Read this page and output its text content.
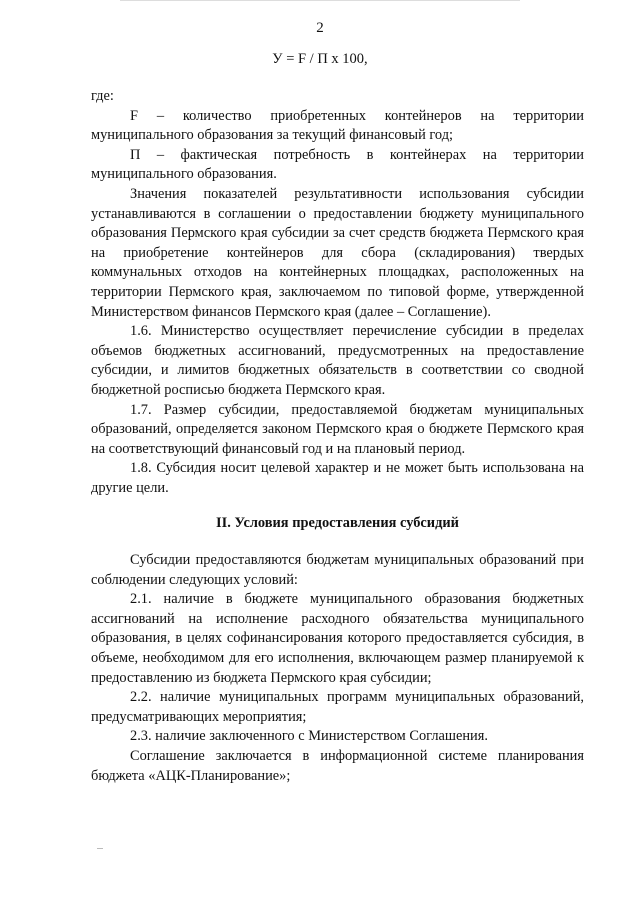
2
У = F / П х 100,

где:

F – количество приобретенных контейнеров на территории муниципального образования за текущий финансовый год;

П – фактическая потребность в контейнерах на территории муниципального образования.

Значения показателей результативности использования субсидии устанавливаются в соглашении о предоставлении бюджету муниципального образования Пермского края субсидии за счет средств бюджета Пермского края на приобретение контейнеров для сбора (складирования) твердых коммунальных отходов на контейнерных площадках, расположенных на территории Пермского края, заключаемом по типовой форме, утвержденной Министерством финансов Пермского края (далее – Соглашение).

1.6. Министерство осуществляет перечисление субсидии в пределах объемов бюджетных ассигнований, предусмотренных на предоставление субсидии, и лимитов бюджетных обязательств в соответствии со сводной бюджетной росписью бюджета Пермского края.

1.7. Размер субсидии, предоставляемой бюджетам муниципальных образований, определяется законом Пермского края о бюджете Пермского края на соответствующий финансовый год и на плановый период.

1.8. Субсидия носит целевой характер и не может быть использована на другие цели.

II. Условия предоставления субсидий

Субсидии предоставляются бюджетам муниципальных образований при соблюдении следующих условий:

2.1. наличие в бюджете муниципального образования бюджетных ассигнований на исполнение расходного обязательства муниципального образования, в целях софинансирования которого предоставляется субсидия, в объеме, необходимом для его исполнения, включающем размер планируемой к предоставлению из бюджета Пермского края субсидии;

2.2. наличие муниципальных программ муниципальных образований, предусматривающих мероприятия;

2.3. наличие заключенного с Министерством Соглашения.

Соглашение заключается в информационной системе планирования бюджета «АЦК-Планирование»;
